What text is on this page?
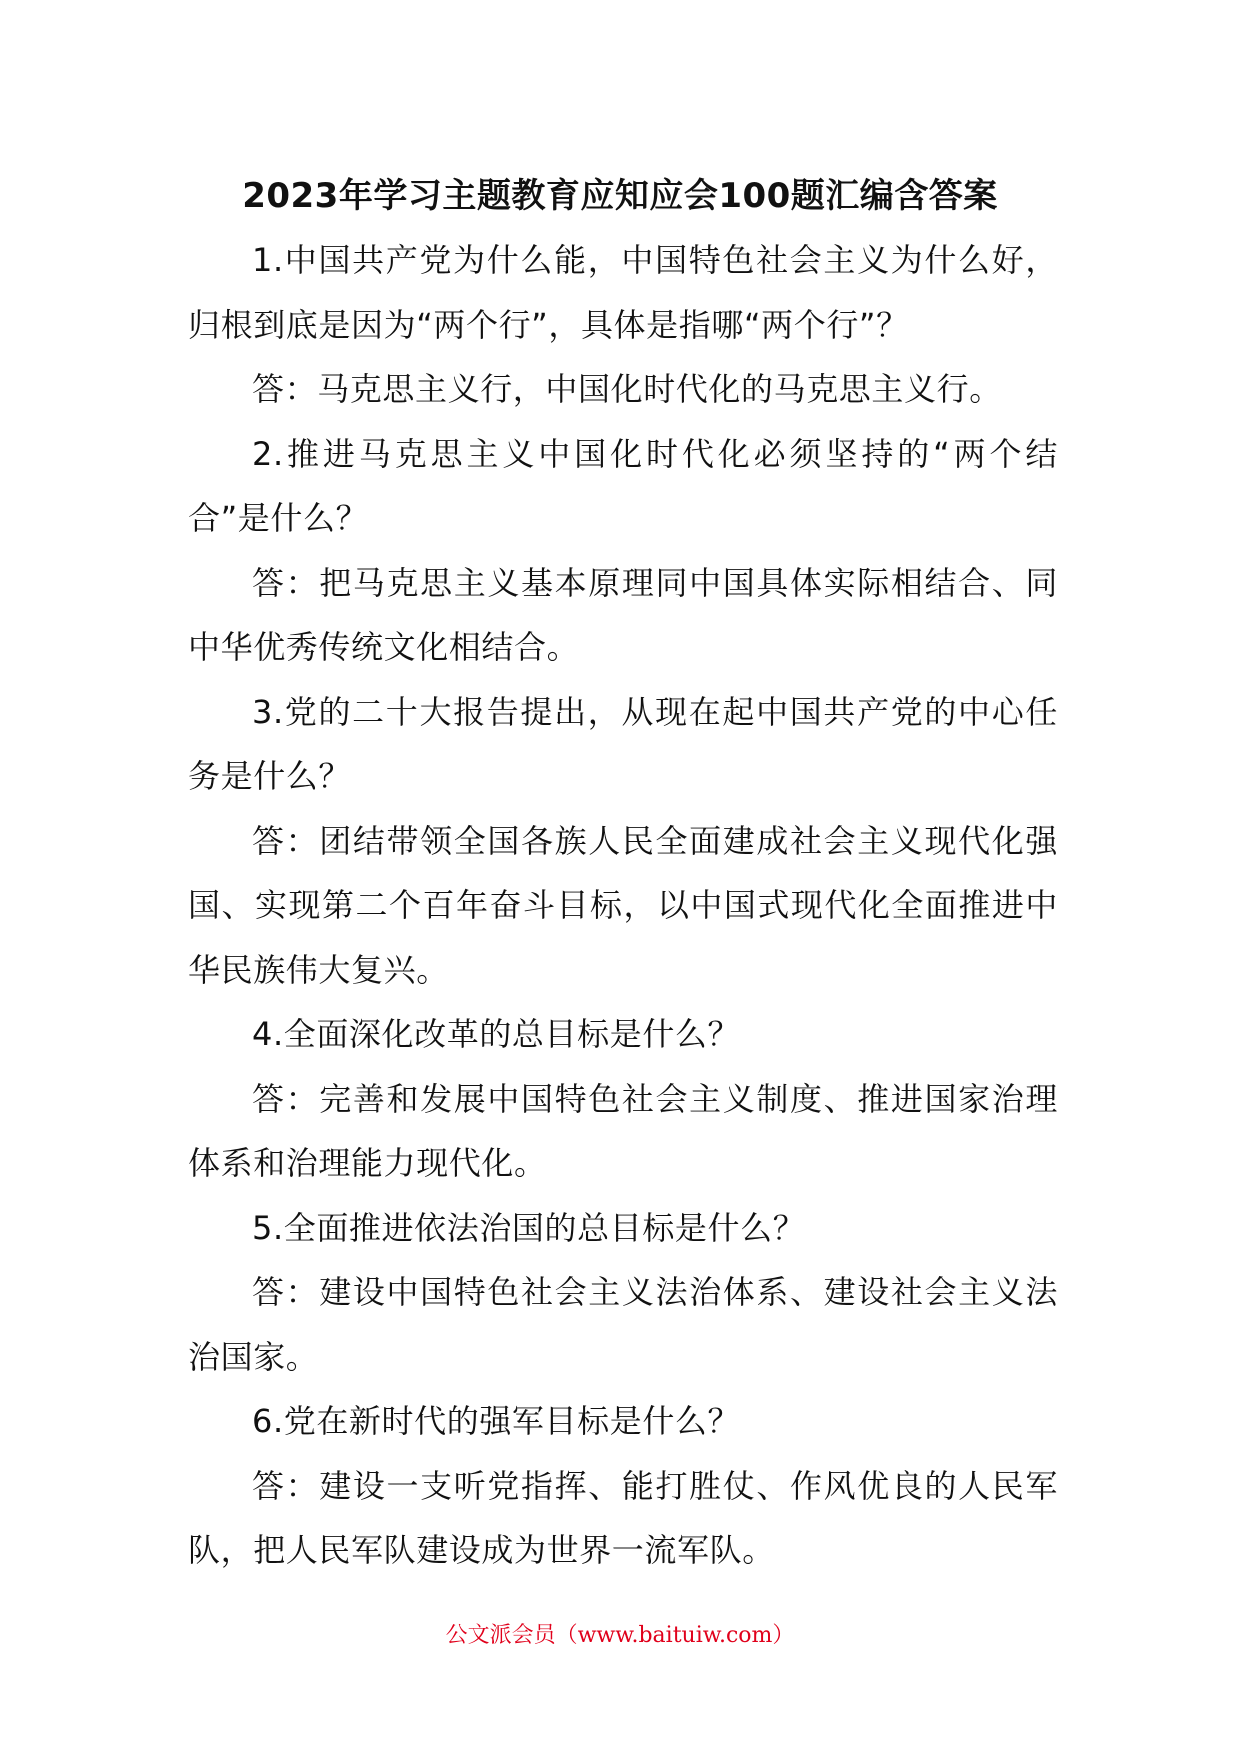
2023年学习主题教育应知应会100题汇编含答案

1.中国共产党为什么能，中国特色社会主义为什么好，归根到底是因为“两个行”，具体是指哪“两个行”？

答：马克思主义行，中国化时代化的马克思主义行。

2.推进马克思主义中国化时代化必须坚持的“两个结合”是什么？

答：把马克思主义基本原理同中国具体实际相结合、同中华优秀传统文化相结合。

3.党的二十大报告提出，从现在起中国共产党的中心任务是什么？

答：团结带领全国各族人民全面建成社会主义现代化强国、实现第二个百年奋斗目标，以中国式现代化全面推进中华民族伟大复兴。

4.全面深化改革的总目标是什么？

答：完善和发展中国特色社会主义制度、推进国家治理体系和治理能力现代化。

5.全面推进依法治国的总目标是什么？

答：建设中国特色社会主义法治体系、建设社会主义法治国家。

6.党在新时代的强军目标是什么？

答：建设一支听党指挥、能打胜仗、作风优良的人民军队，把人民军队建设成为世界一流军队。

公文派会员（www.baituiw.com）
